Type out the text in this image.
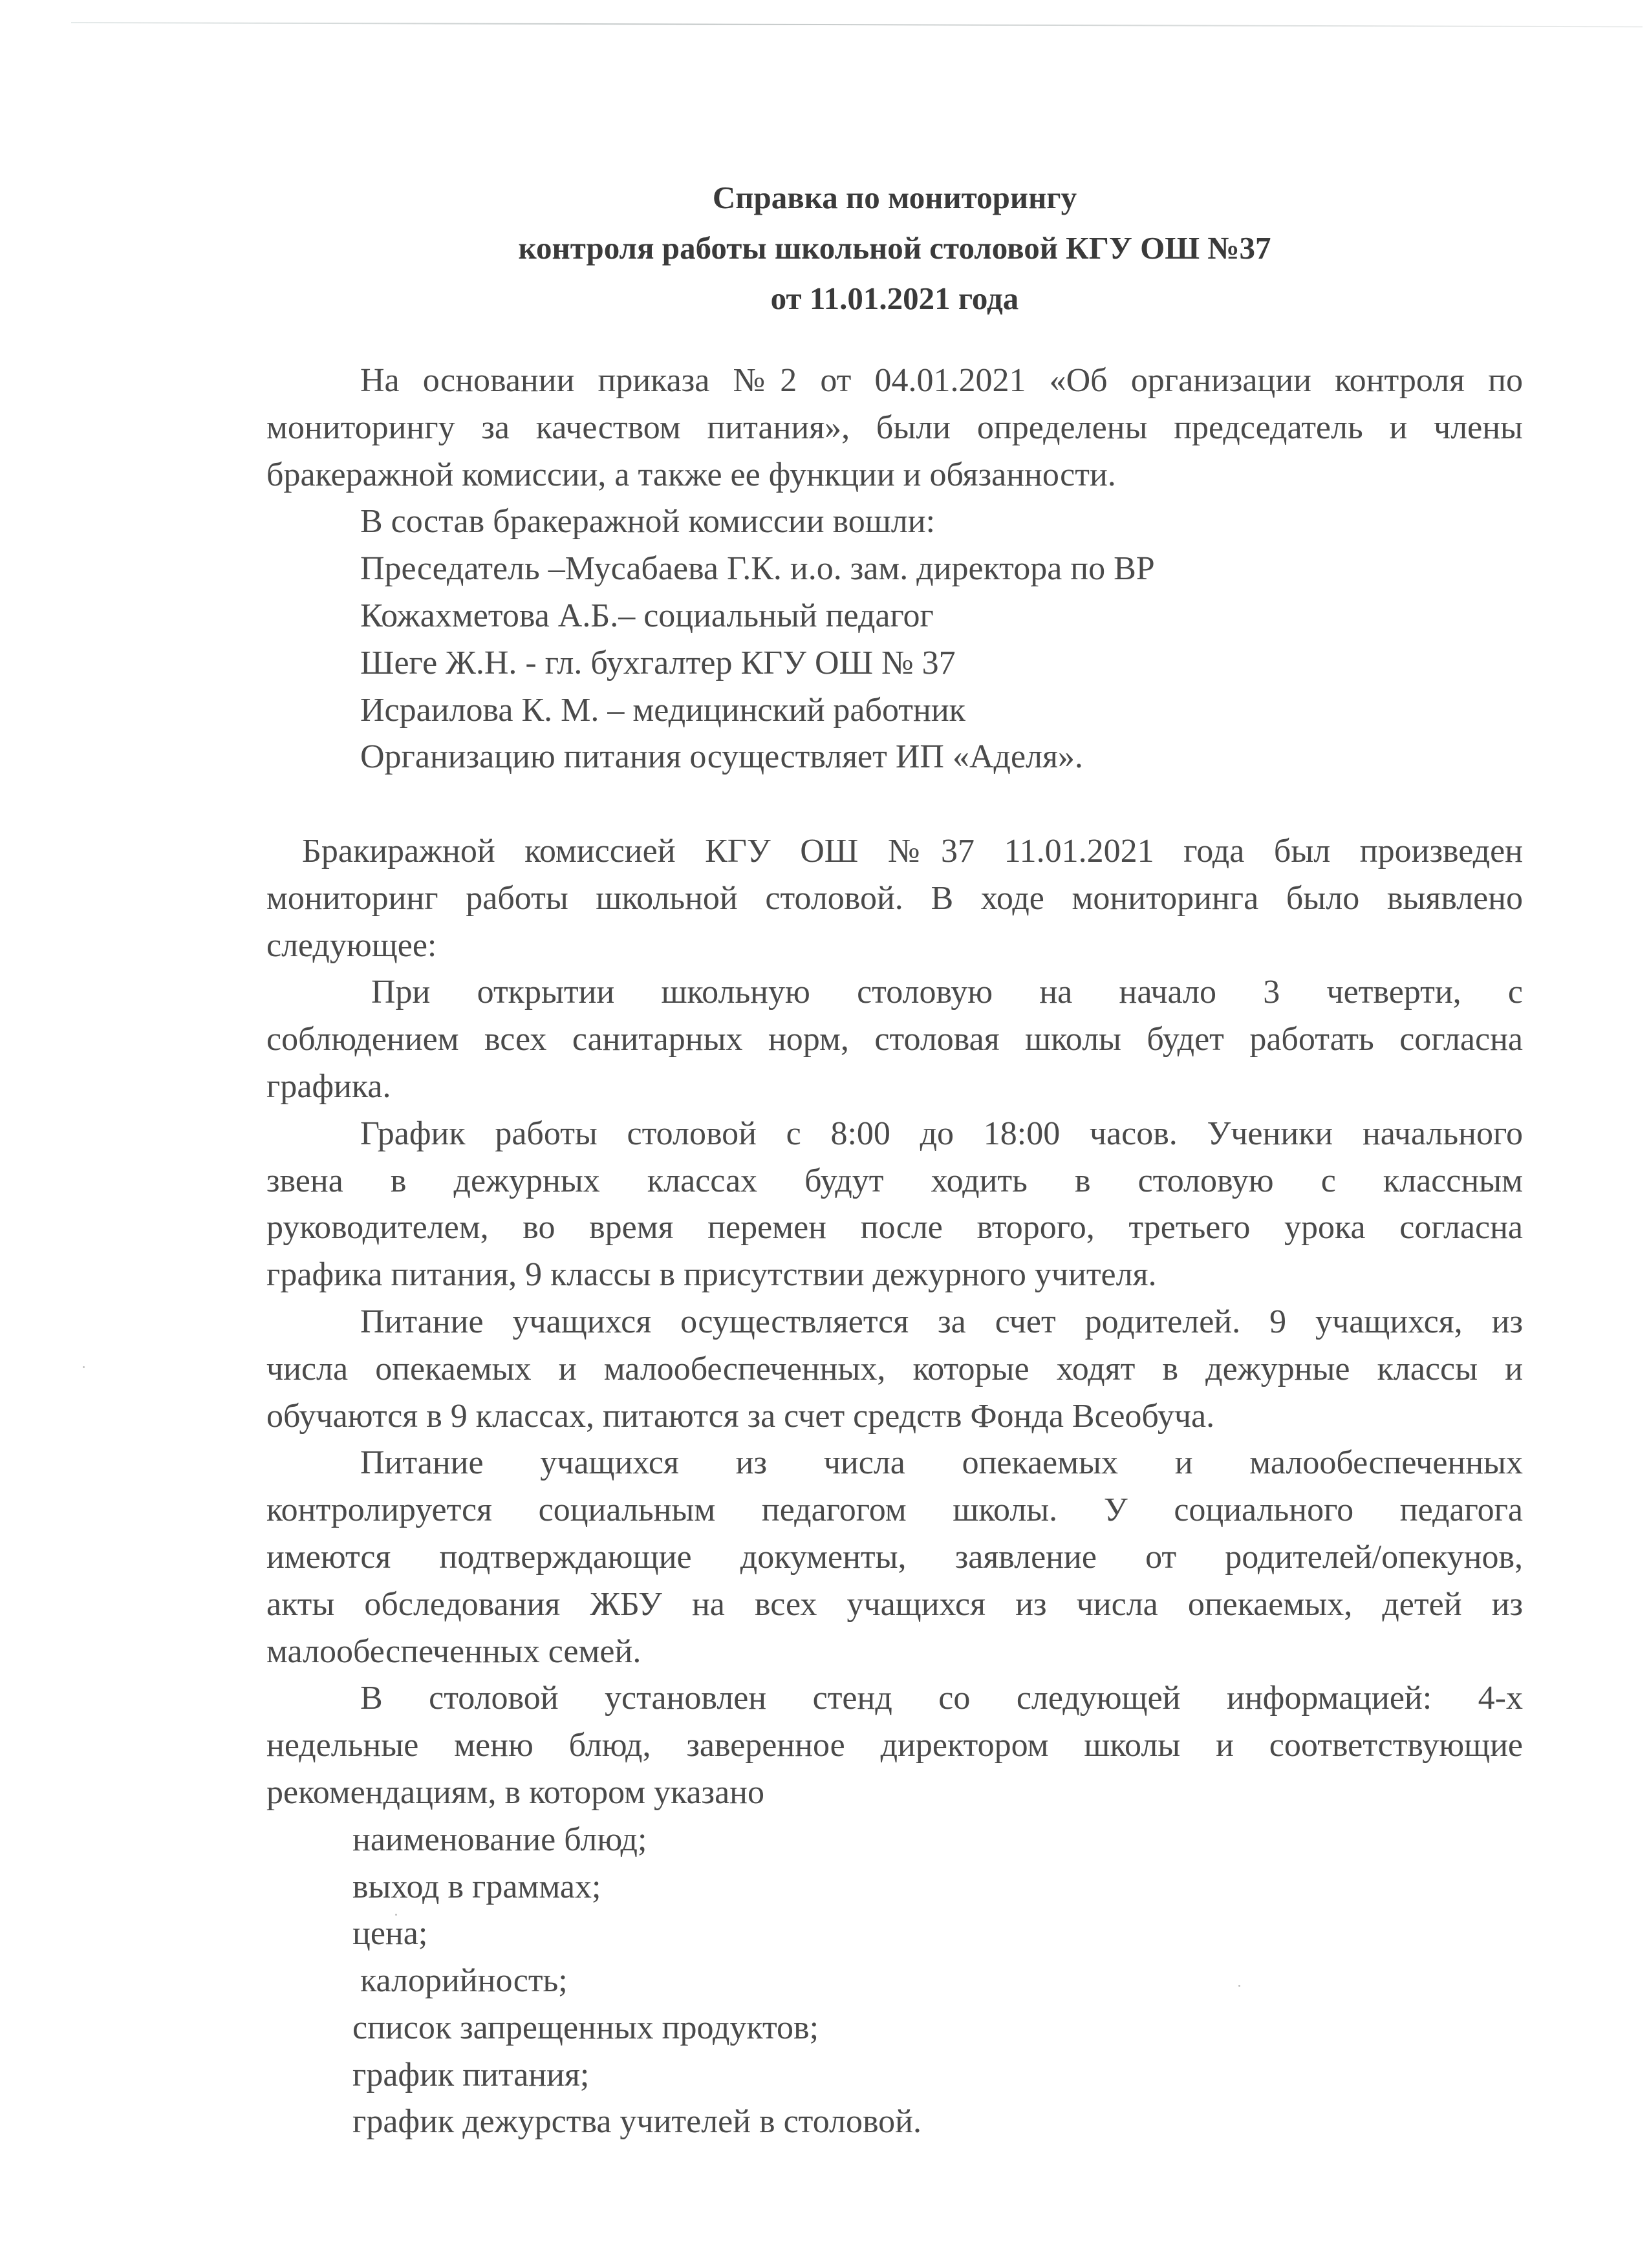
Справка по мониторингу
контроля работы школьной столовой КГУ ОШ №37
от 11.01.2021 года
На основании приказа №2 от 04.01.2021 «Об организации контроля по
мониторингу за качеством питания», были определены председатель и члены
бракеражной комиссии, а также ее функции и обязанности.
В состав бракеражной комиссии вошли:
Преседатель –Мусабаева Г.К. и.о. зам. директора по ВР
Кожахметова А.Б.– социальный педагог
Шеге Ж.Н. - гл. бухгалтер КГУ ОШ № 37
Исраилова К. М. – медицинский работник
Организацию питания осуществляет ИП «Аделя».
Бракиражной комиссией КГУ ОШ №37 11.01.2021 года был произведен
мониторинг работы школьной столовой. В ходе мониторинга было выявлено
следующее:
При открытии школьную столовую на начало 3 четверти, с
соблюдением всех санитарных норм, столовая школы будет работать согласна
графика.
График работы столовой с 8:00 до 18:00 часов. Ученики начального
звена в дежурных классах будут ходить в столовую с классным
руководителем, во время перемен после второго, третьего урока согласна
графика питания, 9 классы в присутствии дежурного учителя.
Питание учащихся осуществляется за счет родителей. 9 учащихся, из
числа опекаемых и малообеспеченных, которые ходят в дежурные классы и
обучаются в 9 классах, питаются за счет средств Фонда Всеобуча.
Питание учащихся из числа опекаемых и малообеспеченных
контролируется социальным педагогом школы. У социального педагога
имеются подтверждающие документы, заявление от родителей/опекунов,
акты обследования ЖБУ на всех учащихся из числа опекаемых, детей из
малообеспеченных семей.
В столовой установлен стенд со следующей информацией: 4-х
недельные меню блюд, заверенное директором школы и соответствующие
рекомендациям, в котором указано
наименование блюд;
выход в граммах;
цена;
калорийность;
список запрещенных продуктов;
график питания;
график дежурства учителей в столовой.
